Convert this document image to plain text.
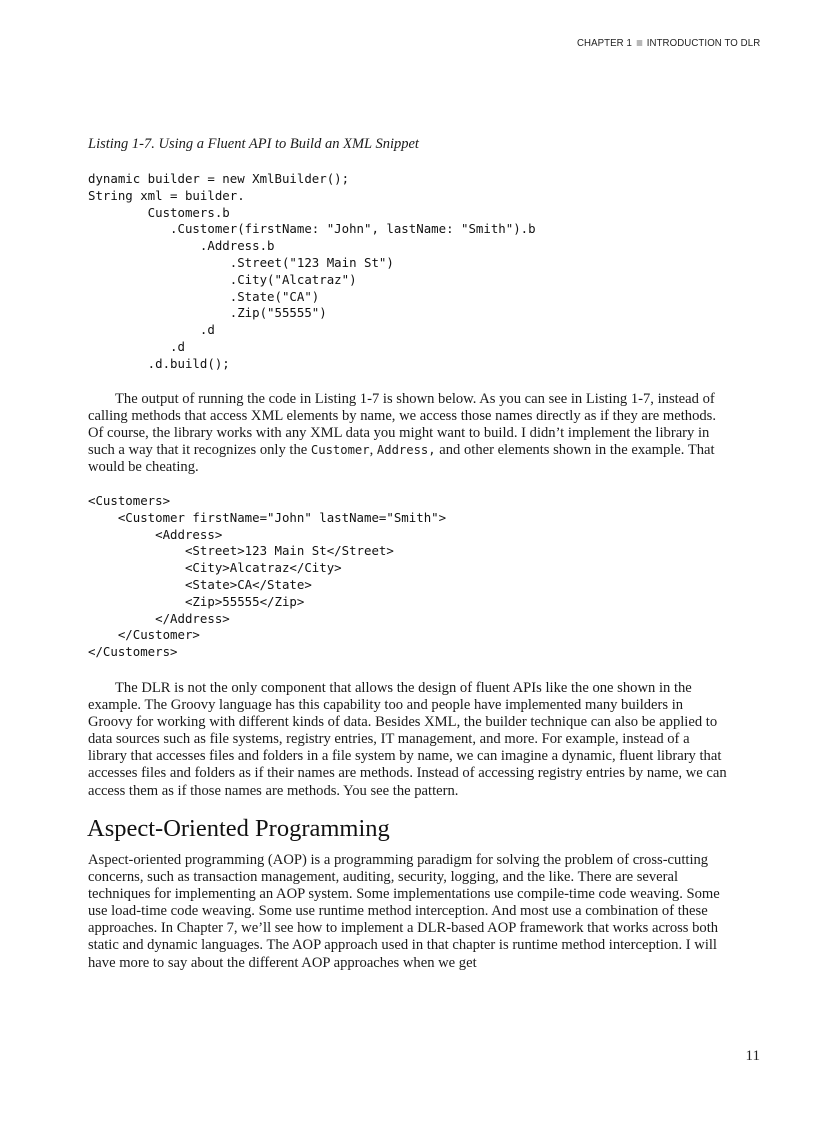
CHAPTER 1 INTRODUCTION TO DLR
Listing 1-7. Using a Fluent API to Build an XML Snippet
dynamic builder = new XmlBuilder();
String xml = builder.
Customers.b
.Customer(firstName: "John", lastName: "Smith").b
.Address.b
.Street("123 Main St")
.City("Alcatraz")
.State("CA")
.Zip("55555")
.d
.d
.d.build();

The output of running the code in Listing 1-7 is shown below. As you can see in Listing 1-7, instead of calling methods that access XML elements by name, we access those names directly as if they are methods. Of course, the library works with any XML data you might want to build. I didn’t implement the library in such a way that it recognizes only the Customer, Address, and other elements shown in the example. That would be cheating.

<Customers>
<Customer firstName="John" lastName="Smith">
<Address>
<Street>123 Main St</Street>
<City>Alcatraz</City>
<State>CA</State>
<Zip>55555</Zip>
</Address>
</Customer>
</Customers>

The DLR is not the only component that allows the design of fluent APIs like the one shown in the example. The Groovy language has this capability too and people have implemented many builders in Groovy for working with different kinds of data. Besides XML, the builder technique can also be applied to data sources such as file systems, registry entries, IT management, and more. For example, instead of a library that accesses files and folders in a file system by name, we can imagine a dynamic, fluent library that accesses files and folders as if their names are methods. Instead of accessing registry entries by name, we can access them as if those names are methods. You see the pattern.

Aspect-Oriented Programming

Aspect-oriented programming (AOP) is a programming paradigm for solving the problem of cross-cutting concerns, such as transaction management, auditing, security, logging, and the like. There are several techniques for implementing an AOP system. Some implementations use compile-time code weaving. Some use load-time code weaving. Some use runtime method interception. And most use a combination of these approaches. In Chapter 7, we’ll see how to implement a DLR-based AOP framework that works across both static and dynamic languages. The AOP approach used in that chapter is runtime method interception. I will have more to say about the different AOP approaches when we get

11
